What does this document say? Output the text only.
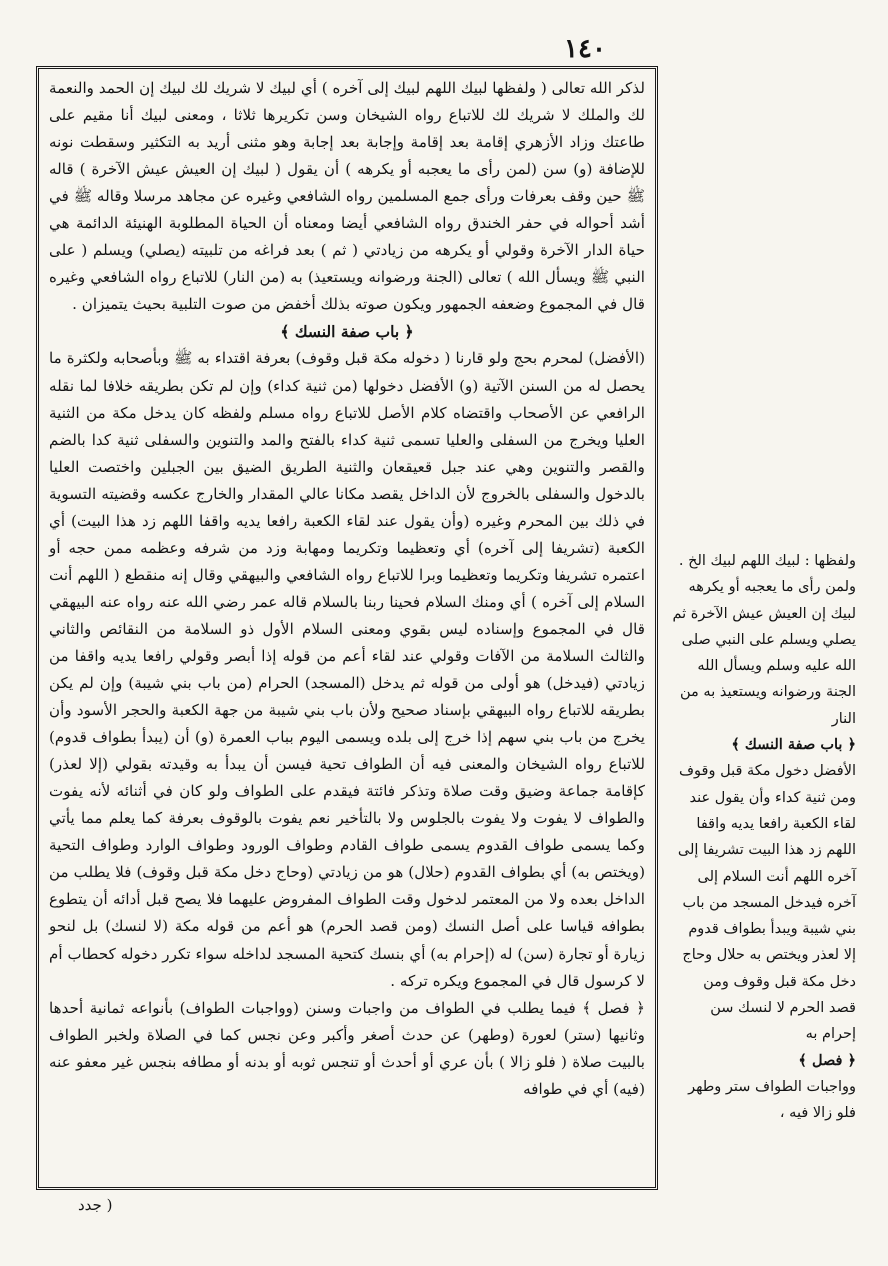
١٤٠

لذكر الله تعالى ( ولفظها لبيك اللهم لبيك إلى آخره ) أي لبيك لا شريك لك لبيك إن الحمد والنعمة لك والملك لا شريك لك للاتباع رواه الشيخان وسن تكريرها ثلاثا ، ومعنى لبيك أنا مقيم على طاعتك وزاد الأزهري إقامة بعد إقامة وإجابة بعد إجابة وهو مثنى أريد به التكثير وسقطت نونه للإضافة (و) سن (لمن رأى ما يعجبه أو يكرهه ) أن يقول ( لبيك إن العيش عيش الآخرة ) قاله ﷺ حين وقف بعرفات ورأى جمع المسلمين رواه الشافعي وغيره عن مجاهد مرسلا وقاله ﷺ في أشد أحواله في حفر الخندق رواه الشافعي أيضا ومعناه أن الحياة المطلوبة الهنيئة الدائمة هي حياة الدار الآخرة وقولي أو يكرهه من زيادتي ( ثم ) بعد فراغه من تلبيته (يصلي) ويسلم ( على النبي ﷺ ويسأل الله ) تعالى (الجنة ورضوانه ويستعيذ) به (من النار) للاتباع رواه الشافعي وغيره قال في المجموع وضعفه الجمهور ويكون صوته بذلك أخفض من صوت التلبية بحيث يتميزان .

﴿ باب صفة النسك ﴾

(الأفضل) لمحرم بحج ولو قارنا ( دخوله مكة قبل وقوف) بعرفة اقتداء به ﷺ وبأصحابه ولكثرة ما يحصل له من السنن الآتية (و) الأفضل دخولها (من ثنية كداء) وإن لم تكن بطريقه خلافا لما نقله الرافعي عن الأصحاب واقتضاه كلام الأصل للاتباع رواه مسلم ولفظه كان يدخل مكة من الثنية العليا ويخرج من السفلى والعليا تسمى ثنية كداء بالفتح والمد والتنوين والسفلى ثنية كدا بالضم والقصر والتنوين وهي عند جبل قعيقعان والثنية الطريق الضيق بين الجبلين واختصت العليا بالدخول والسفلى بالخروج لأن الداخل يقصد مكانا عالي المقدار والخارج عكسه وقضيته التسوية في ذلك بين المحرم وغيره (وأن يقول عند لقاء الكعبة رافعا يديه واقفا اللهم زد هذا البيت) أي الكعبة (تشريفا إلى آخره) أي وتعظيما وتكريما ومهابة وزد من شرفه وعظمه ممن حجه أو اعتمره تشريفا وتكريما وتعظيما وبرا للاتباع رواه الشافعي والبيهقي وقال إنه منقطع ( اللهم أنت السلام إلى آخره ) أي ومنك السلام فحينا ربنا بالسلام قاله عمر رضي الله عنه رواه عنه البيهقي قال في المجموع وإسناده ليس بقوي ومعنى السلام الأول ذو السلامة من النقائص والثاني والثالث السلامة من الآفات وقولي عند لقاء أعم من قوله إذا أبصر وقولي رافعا يديه واقفا من زيادتي (فيدخل) هو أولى من قوله ثم يدخل (المسجد) الحرام (من باب بني شيبة) وإن لم يكن بطريقه للاتباع رواه البيهقي بإسناد صحيح ولأن باب بني شيبة من جهة الكعبة والحجر الأسود وأن يخرج من باب بني سهم إذا خرج إلى بلده ويسمى اليوم بباب العمرة (و) أن (يبدأ بطواف قدوم) للاتباع رواه الشيخان والمعنى فيه أن الطواف تحية فيسن أن يبدأ به وقيدته بقولي (إلا لعذر) كإقامة جماعة وضيق وقت صلاة وتذكر فائتة فيقدم على الطواف ولو كان في أثنائه لأنه يفوت والطواف لا يفوت ولا يفوت بالجلوس ولا بالتأخير نعم يفوت بالوقوف بعرفة كما يعلم مما يأتي وكما يسمى طواف القدوم يسمى طواف القادم وطواف الورود وطواف الوارد وطواف التحية (ويختص به) أي بطواف القدوم (حلال) هو من زيادتي (وحاج دخل مكة قبل وقوف) فلا يطلب من الداخل بعده ولا من المعتمر لدخول وقت الطواف المفروض عليهما فلا يصح قبل أدائه أن يتطوع بطوافه قياسا على أصل النسك (ومن قصد الحرم) هو أعم من قوله مكة (لا لنسك) بل لنحو زيارة أو تجارة (سن) له (إحرام به) أي بنسك كتحية المسجد لداخله سواء تكرر دخوله كحطاب أم لا كرسول قال في المجموع ويكره تركه .

﴿ فصل ﴾ فيما يطلب في الطواف من واجبات وسنن (وواجبات الطواف) بأنواعه ثمانية أحدها وثانيها (ستر) لعورة (وطهر) عن حدث أصغر وأكبر وعن نجس كما في الصلاة ولخبر الطواف بالبيت صلاة ( فلو زالا ) بأن عري أو أحدث أو تنجس ثوبه أو بدنه أو مطافه بنجس غير معفو عنه (فيه) أي في طوافه

ولفظها : لبيك اللهم لبيك الخ . ولمن رأى ما يعجبه أو يكرهه لبيك إن العيش عيش الآخرة ثم يصلي ويسلم على النبي صلى الله عليه وسلم ويسأل الله الجنة ورضوانه ويستعيذ به من النار

﴿ باب صفة النسك ﴾

الأفضل دخول مكة قبل وقوف ومن ثنية كداء وأن يقول عند لقاء الكعبة رافعا يديه واقفا اللهم زد هذا البيت تشريفا إلى آخره اللهم أنت السلام إلى آخره فيدخل المسجد من باب بني شيبة ويبدأ بطواف قدوم إلا لعذر ويختص به حلال وحاج دخل مكة قبل وقوف ومن قصد الحرم لا لنسك سن إحرام به

﴿ فصل ﴾

وواجبات الطواف ستر وطهر فلو زالا فيه ،

( جدد
